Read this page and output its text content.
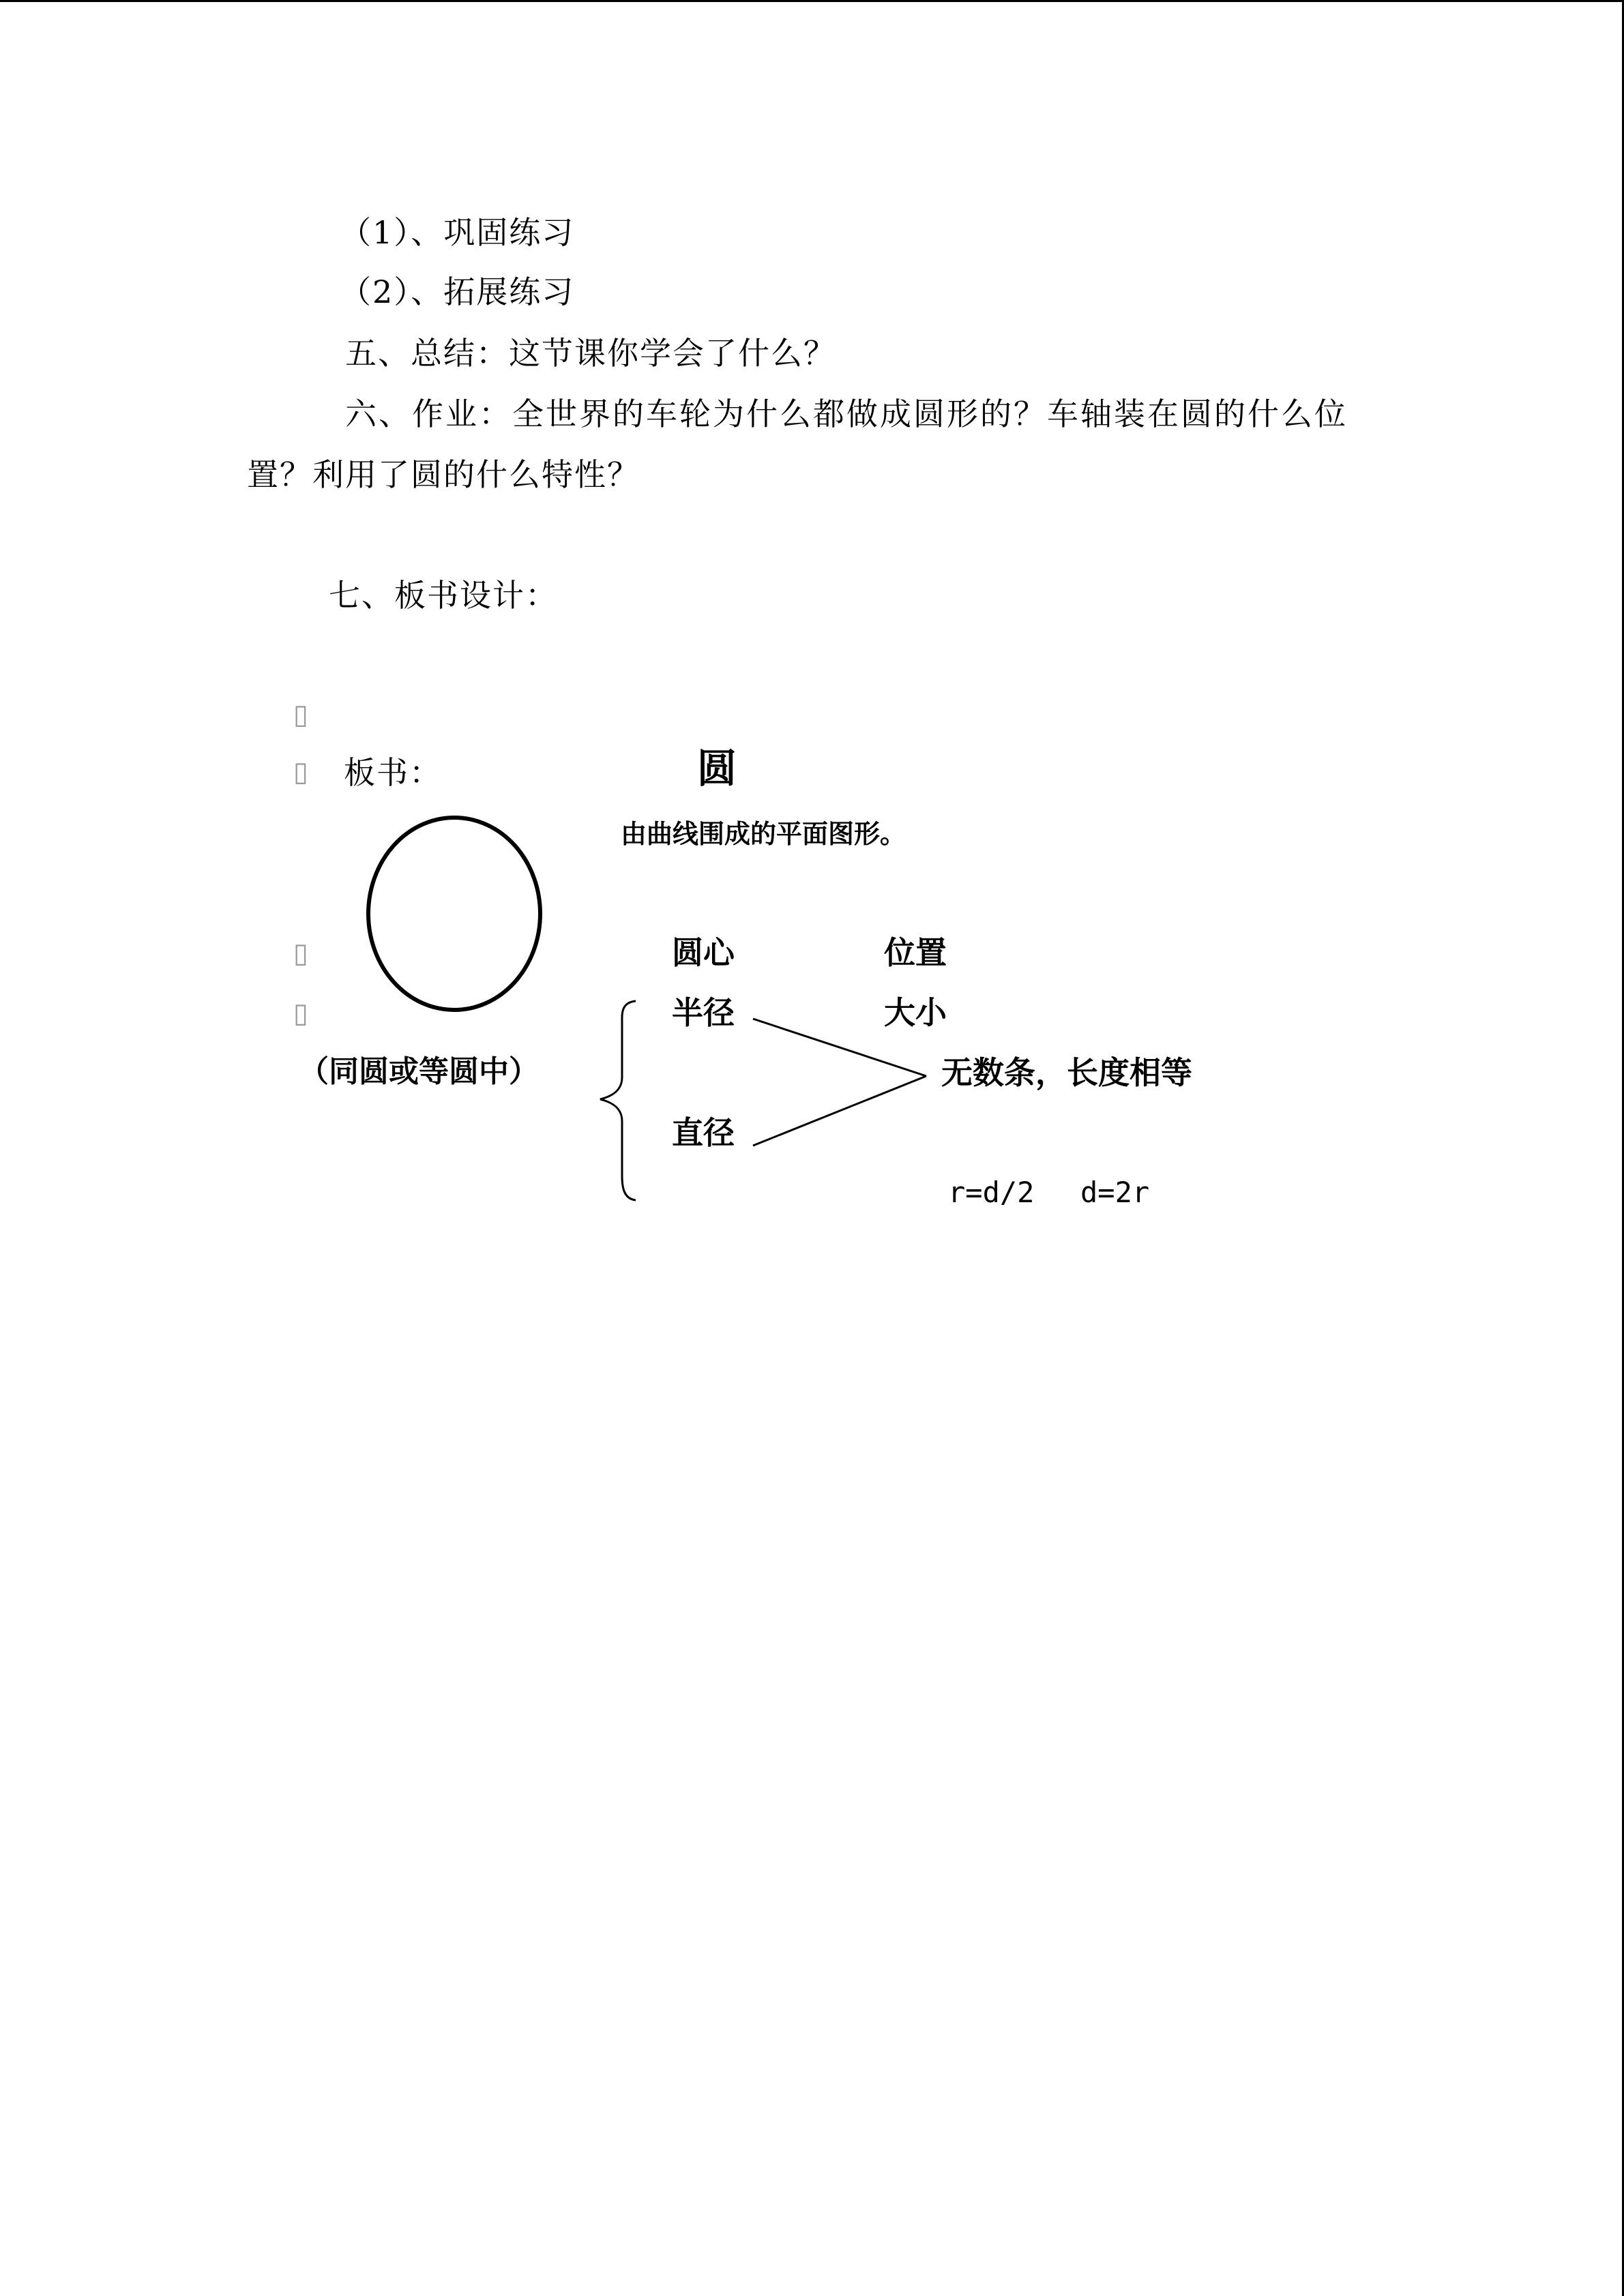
（1）、巩固练习
（2）、拓展练习
五、总结：这节课你学会了什么？
六、作业：全世界的车轮为什么都做成圆形的？车轴装在圆的什么位
置？利用了圆的什么特性？
七、板书设计：
▯
▯
▯
▯
板书：	圆
由曲线围成的平面图形。
圆心	位置
半径	大小
（同圆或等圆中）	无数条，长度相等
直径
r=d/2 d=2r
